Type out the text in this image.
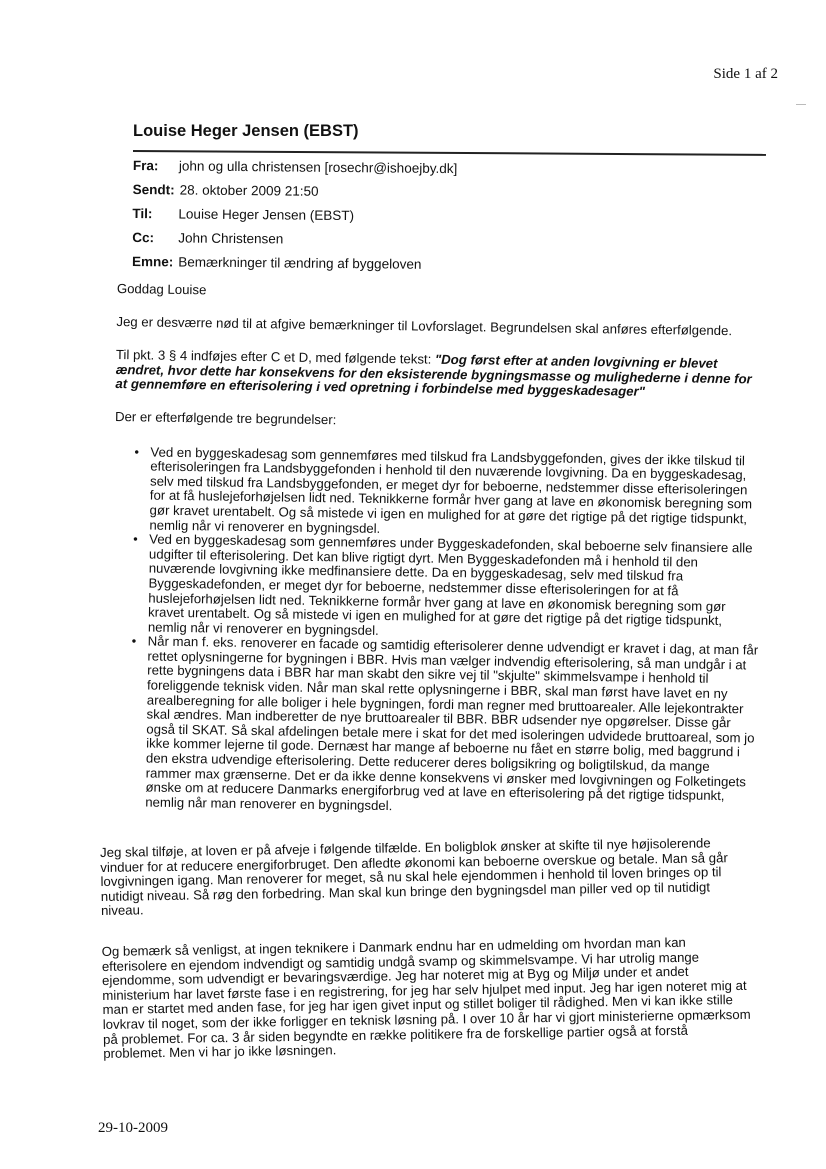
Side 1 af 2
Louise Heger Jensen (EBST)
Fra:	john og ulla christensen [rosechr@ishoejby.dk]
Sendt: 28. oktober 2009 21:50
Til:	Louise Heger Jensen (EBST)
Cc:	John Christensen
Emne: Bemærkninger til ændring af byggeloven

Goddag Louise

Jeg er desværre nød til at afgive bemærkninger til Lovforslaget. Begrundelsen skal anføres efterfølgende.

Til pkt. 3 § 4 indføjes efter C et D, med følgende tekst: "Dog først efter at anden lovgivning er blevet ændret, hvor dette har konsekvens for den eksisterende bygningsmasse og mulighederne i denne for at gennemføre en efterisolering i ved opretning i forbindelse med byggeskadesager"

Der er efterfølgende tre begrundelser:

• Ved en byggeskadesag som gennemføres med tilskud fra Landsbyggefonden, gives der ikke tilskud til efterisoleringen fra Landsbyggefonden i henhold til den nuværende lovgivning. Da en byggeskadesag, selv med tilskud fra Landsbyggefonden, er meget dyr for beboerne, nedstemmer disse efterisoleringen for at få huslejeforhøjelsen lidt ned. Teknikkerne formår hver gang at lave en økonomisk beregning som gør kravet urentabelt. Og så mistede vi igen en mulighed for at gøre det rigtige på det rigtige tidspunkt, nemlig når vi renoverer en bygningsdel.
• Ved en byggeskadesag som gennemføres under Byggeskadefonden, skal beboerne selv finansiere alle udgifter til efterisolering. Det kan blive rigtigt dyrt. Men Byggeskadefonden må i henhold til den nuværende lovgivning ikke medfinansiere dette. Da en byggeskadesag, selv med tilskud fra Byggeskadefonden, er meget dyr for beboerne, nedstemmer disse efterisoleringen for at få huslejeforhøjelsen lidt ned. Teknikkerne formår hver gang at lave en økonomisk beregning som gør kravet urentabelt. Og så mistede vi igen en mulighed for at gøre det rigtige på det rigtige tidspunkt, nemlig når vi renoverer en bygningsdel.
• Når man f. eks. renoverer en facade og samtidig efterisolerer denne udvendigt er kravet i dag, at man får rettet oplysningerne for bygningen i BBR. Hvis man vælger indvendig efterisolering, så man undgår i at rette bygningens data i BBR har man skabt den sikre vej til "skjulte" skimmelsvampe i henhold til foreliggende teknisk viden. Når man skal rette oplysningerne i BBR, skal man først have lavet en ny arealberegning for alle boliger i hele bygningen, fordi man regner med bruttoarealer. Alle lejekontrakter skal ændres. Man indberetter de nye bruttoarealer til BBR. BBR udsender nye opgørelser. Disse går også til SKAT. Så skal afdelingen betale mere i skat for det med isoleringen udvidede bruttoareal, som jo ikke kommer lejerne til gode. Dernæst har mange af beboerne nu fået en større bolig, med baggrund i den ekstra udvendige efterisolering. Dette reducerer deres boligsikring og boligtilskud, da mange rammer max grænserne. Det er da ikke denne konsekvens vi ønsker med lovgivningen og Folketingets ønske om at reducere Danmarks energiforbrug ved at lave en efterisolering på det rigtige tidspunkt, nemlig når man renoverer en bygningsdel.

Jeg skal tilføje, at loven er på afveje i følgende tilfælde. En boligblok ønsker at skifte til nye højisolerende vinduer for at reducere energiforbruget. Den afledte økonomi kan beboerne overskue og betale. Man så går lovgivningen igang. Man renoverer for meget, så nu skal hele ejendommen i henhold til loven bringes op til nutidigt niveau. Så røg den forbedring. Man skal kun bringe den bygningsdel man piller ved op til nutidigt niveau.

Og bemærk så venligst, at ingen teknikere i Danmark endnu har en udmelding om hvordan man kan efterisolere en ejendom indvendigt og samtidig undgå svamp og skimmelsvampe. Vi har utrolig mange ejendomme, som udvendigt er bevaringsværdige. Jeg har noteret mig at Byg og Miljø under et andet ministerium har lavet første fase i en registrering, for jeg har selv hjulpet med input. Jeg har igen noteret mig at man er startet med anden fase, for jeg har igen givet input og stillet boliger til rådighed. Men vi kan ikke stille lovkrav til noget, som der ikke forligger en teknisk løsning på. I over 10 år har vi gjort ministerierne opmærksom på problemet. For ca. 3 år siden begyndte en række politikere fra de forskellige partier også at forstå problemet. Men vi har jo ikke løsningen.

29-10-2009
